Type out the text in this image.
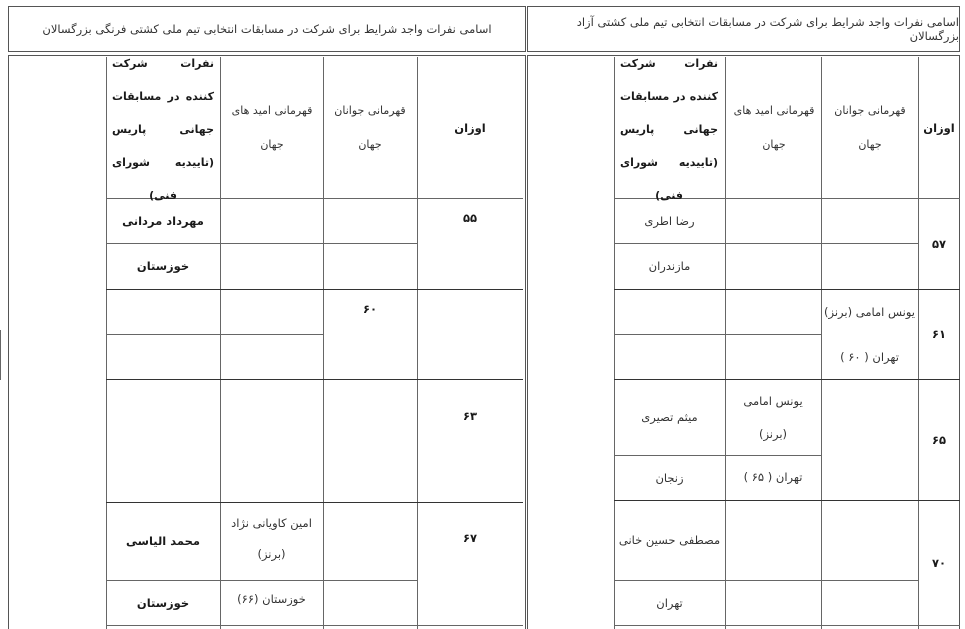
اسامی نفرات واجد شرایط برای شرکت در مسابقات انتخابی تیم ملی کشتی آزاد بزرگسالان
اسامی نفرات واجد شرایط برای شرکت در مسابقات انتخابی تیم ملی کشتی فرنگی بزرگسالان
اوزان
قهرمانی جوانان جهان
قهرمانی امید های جهان
نفرات شرکت کننده در مسابقات جهانی پاریس (تاییدیه شورای فنی)
۵۷
رضا اطری
مازندران
۶۱
یونس امامی (برنز)
تهران ( ۶۰ )
۶۵
میثم تصیری
زنجان
یونس امامی
(برنز)
تهران ( ۶۵ )
۷۰
مصطفی حسین خانی
تهران
اوزان
قهرمانی جوانان جهان
قهرمانی امید های جهان
نفرات شرکت کننده در مسابقات جهانی پاریس (تاییدیه شورای فنی)
۵۵
مهرداد مردانی
خوزستان
۶۰
۶۳
۶۷
محمد الیاسی
خوزستان
امین کاویانی نژاد
(برنز)
خوزستان (۶۶)
